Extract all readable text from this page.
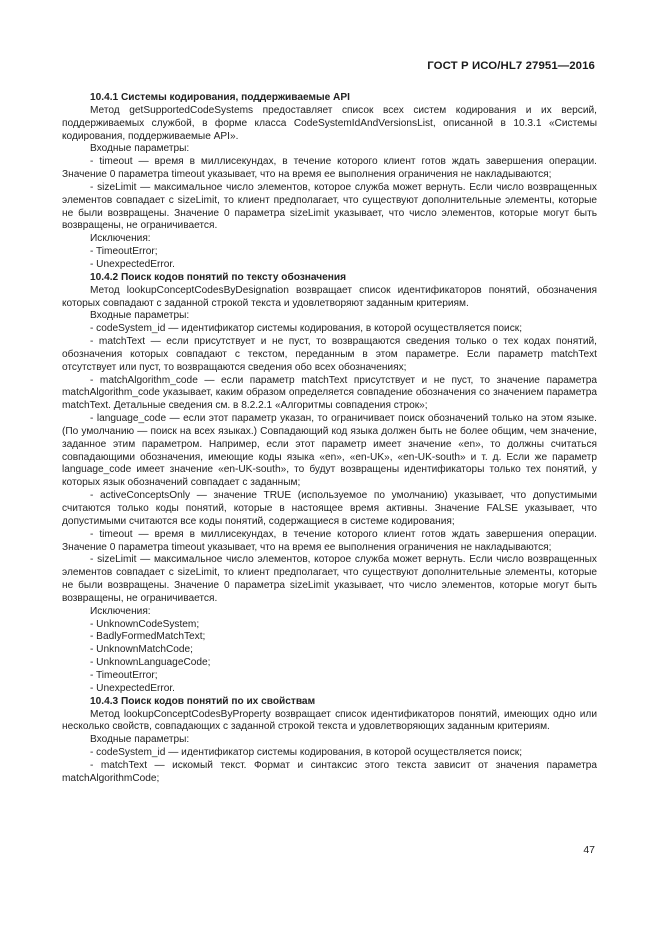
ГОСТ Р ИСО/HL7 27951—2016

10.4.1 Системы кодирования, поддерживаемые API

Метод getSupportedCodeSystems предоставляет список всех систем кодирования и их версий, поддерживаемых службой, в форме класса CodeSystemIdAndVersionsList, описанной в 10.3.1 «Системы кодирования, поддерживаемые API».

Входные параметры:

- timeout — время в миллисекундах, в течение которого клиент готов ждать завершения операции. Значение 0 параметра timeout указывает, что на время ее выполнения ограничения не накладываются;

- sizeLimit — максимальное число элементов, которое служба может вернуть. Если число возвращенных элементов совпадает с sizeLimit, то клиент предполагает, что существуют дополнительные элементы, которые не были возвращены. Значение 0 параметра sizeLimit указывает, что число элементов, которые могут быть возвращены, не ограничивается.

Исключения:

- TimeoutError;

- UnexpectedError.

10.4.2 Поиск кодов понятий по тексту обозначения

Метод lookupConceptCodesByDesignation возвращает список идентификаторов понятий, обозначения которых совпадают с заданной строкой текста и удовлетворяют заданным критериям.

Входные параметры:

- codeSystem_id — идентификатор системы кодирования, в которой осуществляется поиск;

- matchText — если присутствует и не пуст, то возвращаются сведения только о тех кодах понятий, обозначения которых совпадают с текстом, переданным в этом параметре. Если параметр matchText отсутствует или пуст, то возвращаются сведения обо всех обозначениях;

- matchAlgorithm_code — если параметр matchText присутствует и не пуст, то значение параметра matchAlgorithm_code указывает, каким образом определяется совпадение обозначения со значением параметра matchText. Детальные сведения см. в 8.2.2.1 «Алгоритмы совпадения строк»;

- language_code — если этот параметр указан, то ограничивает поиск обозначений только на этом языке. (По умолчанию — поиск на всех языках.) Совпадающий код языка должен быть не более общим, чем значение, заданное этим параметром. Например, если этот параметр имеет значение «en», то должны считаться совпадающими обозначения, имеющие коды языка «en», «en-UK», «en-UK-south» и т. д. Если же параметр language_code имеет значение «en-UK-south», то будут возвращены идентификаторы только тех понятий, у которых язык обозначений совпадает с заданным;

- activeConceptsOnly — значение TRUE (используемое по умолчанию) указывает, что допустимыми считаются только коды понятий, которые в настоящее время активны. Значение FALSE указывает, что допустимыми считаются все коды понятий, содержащиеся в системе кодирования;

- timeout — время в миллисекундах, в течение которого клиент готов ждать завершения операции. Значение 0 параметра timeout указывает, что на время ее выполнения ограничения не накладываются;

- sizeLimit — максимальное число элементов, которое служба может вернуть. Если число возвращенных элементов совпадает с sizeLimit, то клиент предполагает, что существуют дополнительные элементы, которые не были возвращены. Значение 0 параметра sizeLimit указывает, что число элементов, которые могут быть возвращены, не ограничивается.

Исключения:

- UnknownCodeSystem;

- BadlyFormedMatchText;

- UnknownMatchCode;

- UnknownLanguageCode;

- TimeoutError;

- UnexpectedError.

10.4.3 Поиск кодов понятий по их свойствам

Метод lookupConceptCodesByProperty возвращает список идентификаторов понятий, имеющих одно или несколько свойств, совпадающих с заданной строкой текста и удовлетворяющих заданным критериям.

Входные параметры:

- codeSystem_id — идентификатор системы кодирования, в которой осуществляется поиск;

- matchText — искомый текст. Формат и синтаксис этого текста зависит от значения параметра matchAlgorithmCode;

47
